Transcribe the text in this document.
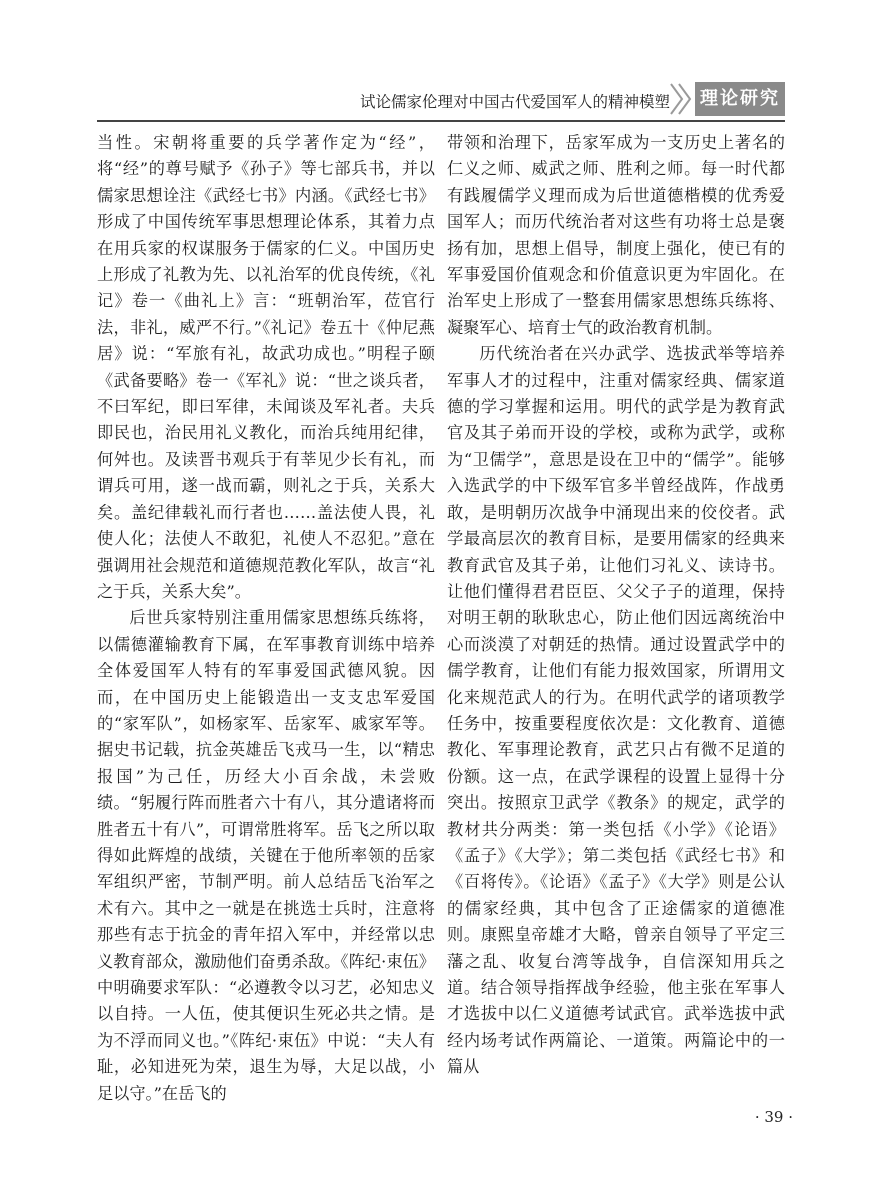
试论儒家伦理对中国古代爱国军人的精神模塑 理论研究

当性。宋朝将重要的兵学著作定为“经”，将“经”的尊号赋予《孙子》等七部兵书，并以儒家思想诠注《武经七书》内涵。《武经七书》形成了中国传统军事思想理论体系，其着力点在用兵家的权谋服务于儒家的仁义。中国历史上形成了礼教为先、以礼治军的优良传统，《礼记》卷一《曲礼上》言：“班朝治军，莅官行法，非礼，威严不行。”《礼记》卷五十《仲尼燕居》说：“军旅有礼，故武功成也。”明程子颐《武备要略》卷一《军礼》说：“世之谈兵者，不曰军纪，即曰军律，未闻谈及军礼者。夫兵即民也，治民用礼义教化，而治兵纯用纪律，何舛也。及读晋书观兵于有莘见少长有礼，而谓兵可用，遂一战而霸，则礼之于兵，关系大矣。盖纪律载礼而行者也……盖法使人畏，礼使人化；法使人不敢犯，礼使人不忍犯。”意在强调用社会规范和道德规范教化军队，故言“礼之于兵，关系大矣”。

后世兵家特别注重用儒家思想练兵练将，以儒德灌输教育下属，在军事教育训练中培养全体爱国军人特有的军事爱国武德风貌。因而，在中国历史上能锻造出一支支忠军爱国的“家军队”，如杨家军、岳家军、戚家军等。据史书记载，抗金英雄岳飞戎马一生，以“精忠报国”为己任，历经大小百余战，未尝败绩。“躬履行阵而胜者六十有八，其分遣诸将而胜者五十有八”，可谓常胜将军。岳飞之所以取得如此辉煌的战绩，关键在于他所率领的岳家军组织严密，节制严明。前人总结岳飞治军之术有六。其中之一就是在挑选士兵时，注意将那些有志于抗金的青年招入军中，并经常以忠义教育部众，激励他们奋勇杀敌。《阵纪·束伍》中明确要求军队：“必遵教令以习艺，必知忠义以自持。一人伍，使其便识生死必共之情。是为不浮而同义也。”《阵纪·束伍》中说：“夫人有耻，必知进死为荣，退生为辱，大足以战，小足以守。”在岳飞的

带领和治理下，岳家军成为一支历史上著名的仁义之师、威武之师、胜利之师。每一时代都有践履儒学义理而成为后世道德楷模的优秀爱国军人；而历代统治者对这些有功将士总是褒扬有加，思想上倡导，制度上强化，使已有的军事爱国价值观念和价值意识更为牢固化。在治军史上形成了一整套用儒家思想练兵练将、凝聚军心、培育士气的政治教育机制。

历代统治者在兴办武学、选拔武举等培养军事人才的过程中，注重对儒家经典、儒家道德的学习掌握和运用。明代的武学是为教育武官及其子弟而开设的学校，或称为武学，或称为“卫儒学”，意思是设在卫中的“儒学”。能够入选武学的中下级军官多半曾经战阵，作战勇敢，是明朝历次战争中涌现出来的佼佼者。武学最高层次的教育目标，是要用儒家的经典来教育武官及其子弟，让他们习礼义、读诗书。让他们懂得君君臣臣、父父子子的道理，保持对明王朝的耿耿忠心，防止他们因远离统治中心而淡漠了对朝廷的热情。通过设置武学中的儒学教育，让他们有能力报效国家，所谓用文化来规范武人的行为。在明代武学的诸项教学任务中，按重要程度依次是：文化教育、道德教化、军事理论教育，武艺只占有微不足道的份额。这一点，在武学课程的设置上显得十分突出。按照京卫武学《教条》的规定，武学的教材共分两类：第一类包括《小学》《论语》《孟子》《大学》；第二类包括《武经七书》和《百将传》。《论语》《孟子》《大学》则是公认的儒家经典，其中包含了正途儒家的道德准则。康熙皇帝雄才大略，曾亲自领导了平定三藩之乱、收复台湾等战争，自信深知用兵之道。结合领导指挥战争经验，他主张在军事人才选拔中以仁义道德考试武官。武举选拔中武经内场考试作两篇论、一道策。两篇论中的一篇从

· 39 ·
